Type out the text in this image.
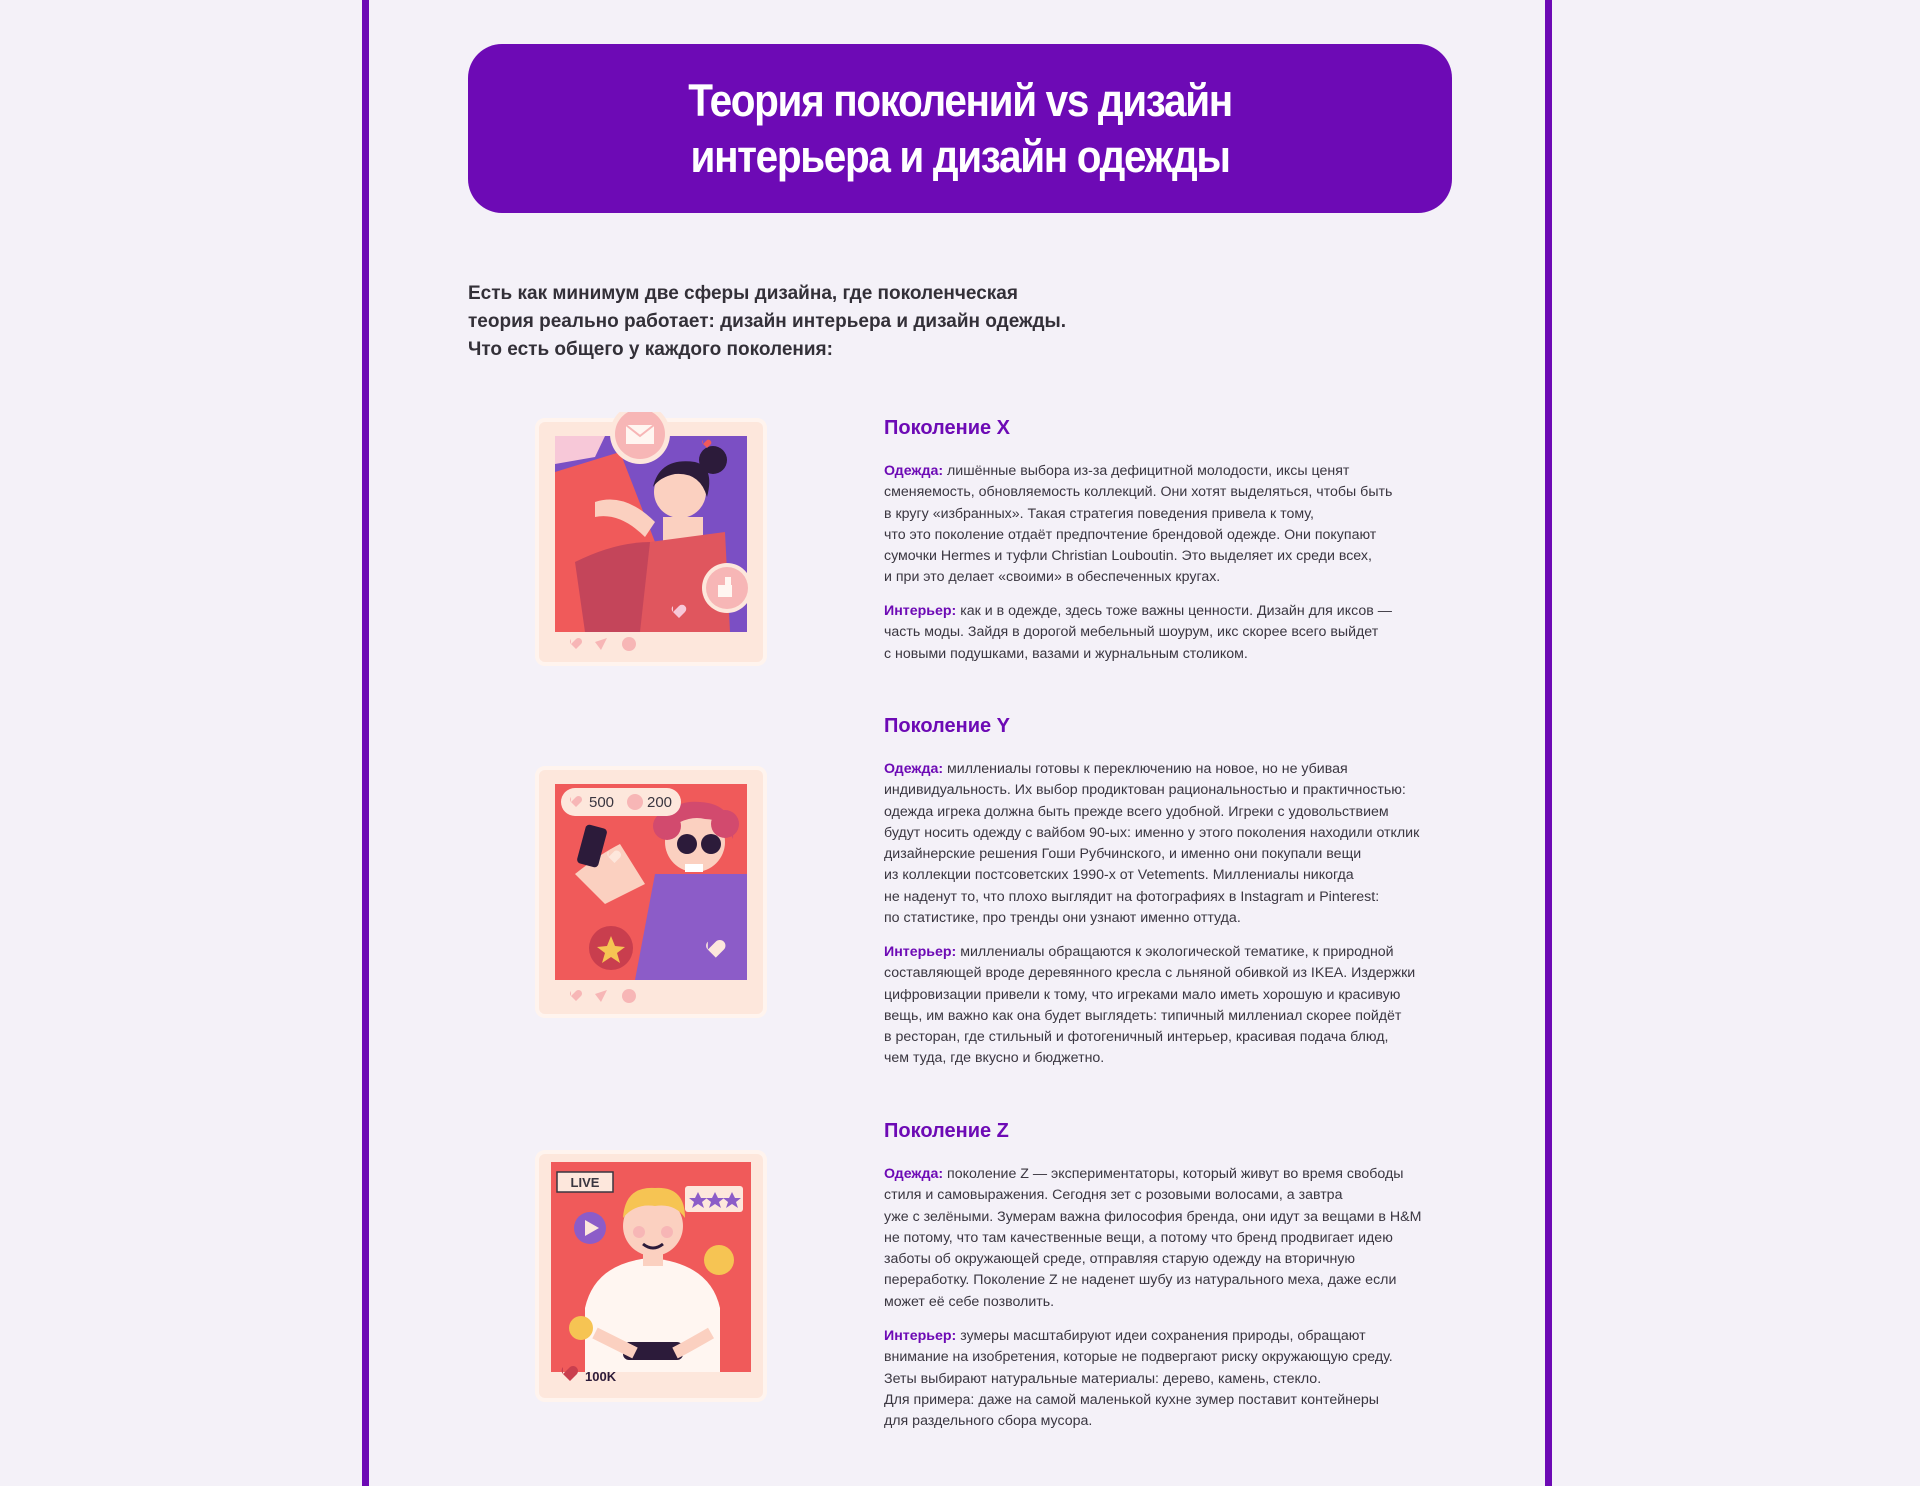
Теория поколений vs дизайн
интерьера и дизайн одежды

Есть как минимум две сферы дизайна, где поколенческая
теория реально работает: дизайн интерьера и дизайн одежды.
Что есть общего у каждого поколения:

Поколение X

Одежда: лишённые выбора из-за дефицитной молодости, иксы ценят
сменяемость, обновляемость коллекций. Они хотят выделяться, чтобы быть
в кругу «избранных». Такая стратегия поведения привела к тому,
что это поколение отдаёт предпочтение брендовой одежде. Они покупают
сумочки Hermes и туфли Christian Louboutin. Это выделяет их среди всех,
и при это делает «своими» в обеспеченных кругах.

Интерьер: как и в одежде, здесь тоже важны ценности. Дизайн для иксов —
часть моды. Зайдя в дорогой мебельный шоурум, икс скорее всего выйдет
с новыми подушками, вазами и журнальным столиком.

500 200
Поколение Y

Одежда: миллениалы готовы к переключению на новое, но не убивая
индивидуальность. Их выбор продиктован рациональностью и практичностью:
одежда игрека должна быть прежде всего удобной. Игреки с удовольствием
будут носить одежду с вайбом 90-ых: именно у этого поколения находили отклик
дизайнерские решения Гоши Рубчинского, и именно они покупали вещи
из коллекции постсоветских 1990-х от Vetements. Миллениалы никогда
не наденут то, что плохо выглядит на фотографиях в Instagram и Pinterest:
по статистике, про тренды они узнают именно оттуда.

Интерьер: миллениалы обращаются к экологической тематике, к природной
составляющей вроде деревянного кресла с льняной обивкой из IKEA. Издержки
цифровизации привели к тому, что игреками мало иметь хорошую и красивую
вещь, им важно как она будет выглядеть: типичный миллениал скорее пойдёт
в ресторан, где стильный и фотогеничный интерьер, красивая подача блюд,
чем туда, где вкусно и бюджетно.

LIVE
100K
Поколение Z

Одежда: поколение Z — экспериментаторы, который живут во время свободы
стиля и самовыражения. Сегодня зет с розовыми волосами, а завтра
уже с зелёными. Зумерам важна философия бренда, они идут за вещами в H&M
не потому, что там качественные вещи, а потому что бренд продвигает идею
заботы об окружающей среде, отправляя старую одежду на вторичную
переработку. Поколение Z не наденет шубу из натурального меха, даже если
может её себе позволить.

Интерьер: зумеры масштабируют идеи сохранения природы, обращают
внимание на изобретения, которые не подвергают риску окружающую среду.
Зеты выбирают натуральные материалы: дерево, камень, стекло.
Для примера: даже на самой маленькой кухне зумер поставит контейнеры
для раздельного сбора мусора.
